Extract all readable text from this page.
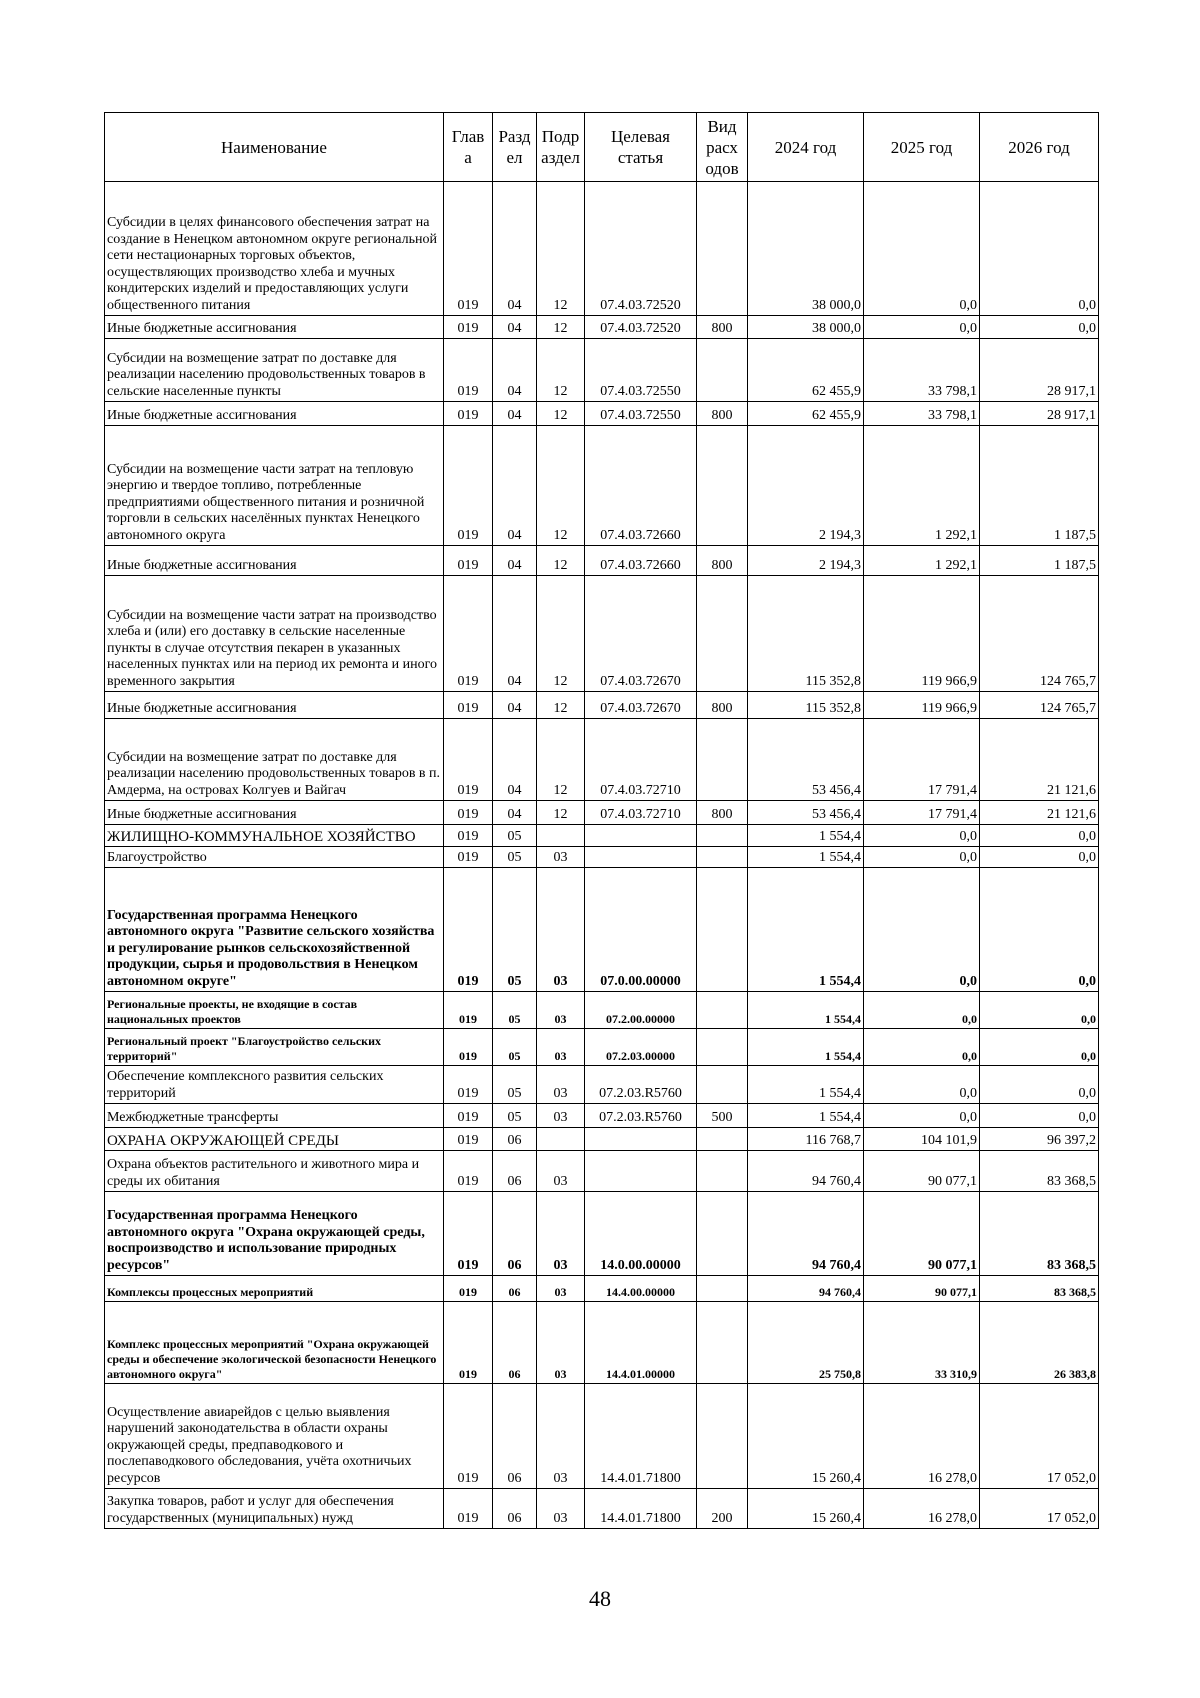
Наименование	Глав а	Разд ел	Подр аздел	Целевая статья	Вид расх одов	2024 год	2025 год	2026 год
Субсидии в целях финансового обеспечения затрат на создание в Ненецком автономном округе региональной сети нестационарных торговых объектов, осуществляющих производство хлеба и мучных кондитерских изделий и предоставляющих услуги общественного питания	019	04	12	07.4.03.72520		38 000,0	0,0	0,0
Иные бюджетные ассигнования	019	04	12	07.4.03.72520	800	38 000,0	0,0	0,0
Субсидии на возмещение затрат по доставке для реализации населению продовольственных товаров в сельские населенные пункты	019	04	12	07.4.03.72550		62 455,9	33 798,1	28 917,1
Иные бюджетные ассигнования	019	04	12	07.4.03.72550	800	62 455,9	33 798,1	28 917,1
Субсидии на возмещение части затрат на тепловую энергию и твердое топливо, потребленные предприятиями общественного питания и розничной торговли в сельских населённых пунктах Ненецкого автономного округа	019	04	12	07.4.03.72660		2 194,3	1 292,1	1 187,5
Иные бюджетные ассигнования	019	04	12	07.4.03.72660	800	2 194,3	1 292,1	1 187,5
Субсидии на возмещение части затрат на производство хлеба и (или) его доставку в сельские населенные пункты в случае отсутствия пекарен в указанных населенных пунктах или на период их ремонта и иного временного закрытия	019	04	12	07.4.03.72670		115 352,8	119 966,9	124 765,7
Иные бюджетные ассигнования	019	04	12	07.4.03.72670	800	115 352,8	119 966,9	124 765,7
Субсидии на возмещение затрат по доставке для реализации населению продовольственных товаров в п. Амдерма, на островах Колгуев и Вайгач	019	04	12	07.4.03.72710		53 456,4	17 791,4	21 121,6
Иные бюджетные ассигнования	019	04	12	07.4.03.72710	800	53 456,4	17 791,4	21 121,6
ЖИЛИЩНО-КОММУНАЛЬНОЕ ХОЗЯЙСТВО	019	05				1 554,4	0,0	0,0
Благоустройство	019	05	03			1 554,4	0,0	0,0
Государственная программа Ненецкого автономного округа "Развитие сельского хозяйства и регулирование рынков сельскохозяйственной продукции, сырья и продовольствия в Ненецком автономном округе"	019	05	03	07.0.00.00000		1 554,4	0,0	0,0
Региональные проекты, не входящие в состав национальных проектов	019	05	03	07.2.00.00000		1 554,4	0,0	0,0
Региональный проект "Благоустройство сельских территорий"	019	05	03	07.2.03.00000		1 554,4	0,0	0,0
Обеспечение комплексного развития сельских территорий	019	05	03	07.2.03.R5760		1 554,4	0,0	0,0
Межбюджетные трансферты	019	05	03	07.2.03.R5760	500	1 554,4	0,0	0,0
ОХРАНА ОКРУЖАЮЩЕЙ СРЕДЫ	019	06				116 768,7	104 101,9	96 397,2
Охрана объектов растительного и животного мира и среды их обитания	019	06	03			94 760,4	90 077,1	83 368,5
Государственная программа Ненецкого автономного округа "Охрана окружающей среды, воспроизводство и использование природных ресурсов"	019	06	03	14.0.00.00000		94 760,4	90 077,1	83 368,5
Комплексы процессных мероприятий	019	06	03	14.4.00.00000		94 760,4	90 077,1	83 368,5
Комплекс процессных мероприятий "Охрана окружающей среды и обеспечение экологической безопасности Ненецкого автономного округа"	019	06	03	14.4.01.00000		25 750,8	33 310,9	26 383,8
Осуществление авиарейдов с целью выявления нарушений законодательства в области охраны окружающей среды, предпаводкового и послепаводкового обследования, учёта охотничьих ресурсов	019	06	03	14.4.01.71800		15 260,4	16 278,0	17 052,0
Закупка товаров, работ и услуг для обеспечения государственных (муниципальных) нужд	019	06	03	14.4.01.71800	200	15 260,4	16 278,0	17 052,0
48
